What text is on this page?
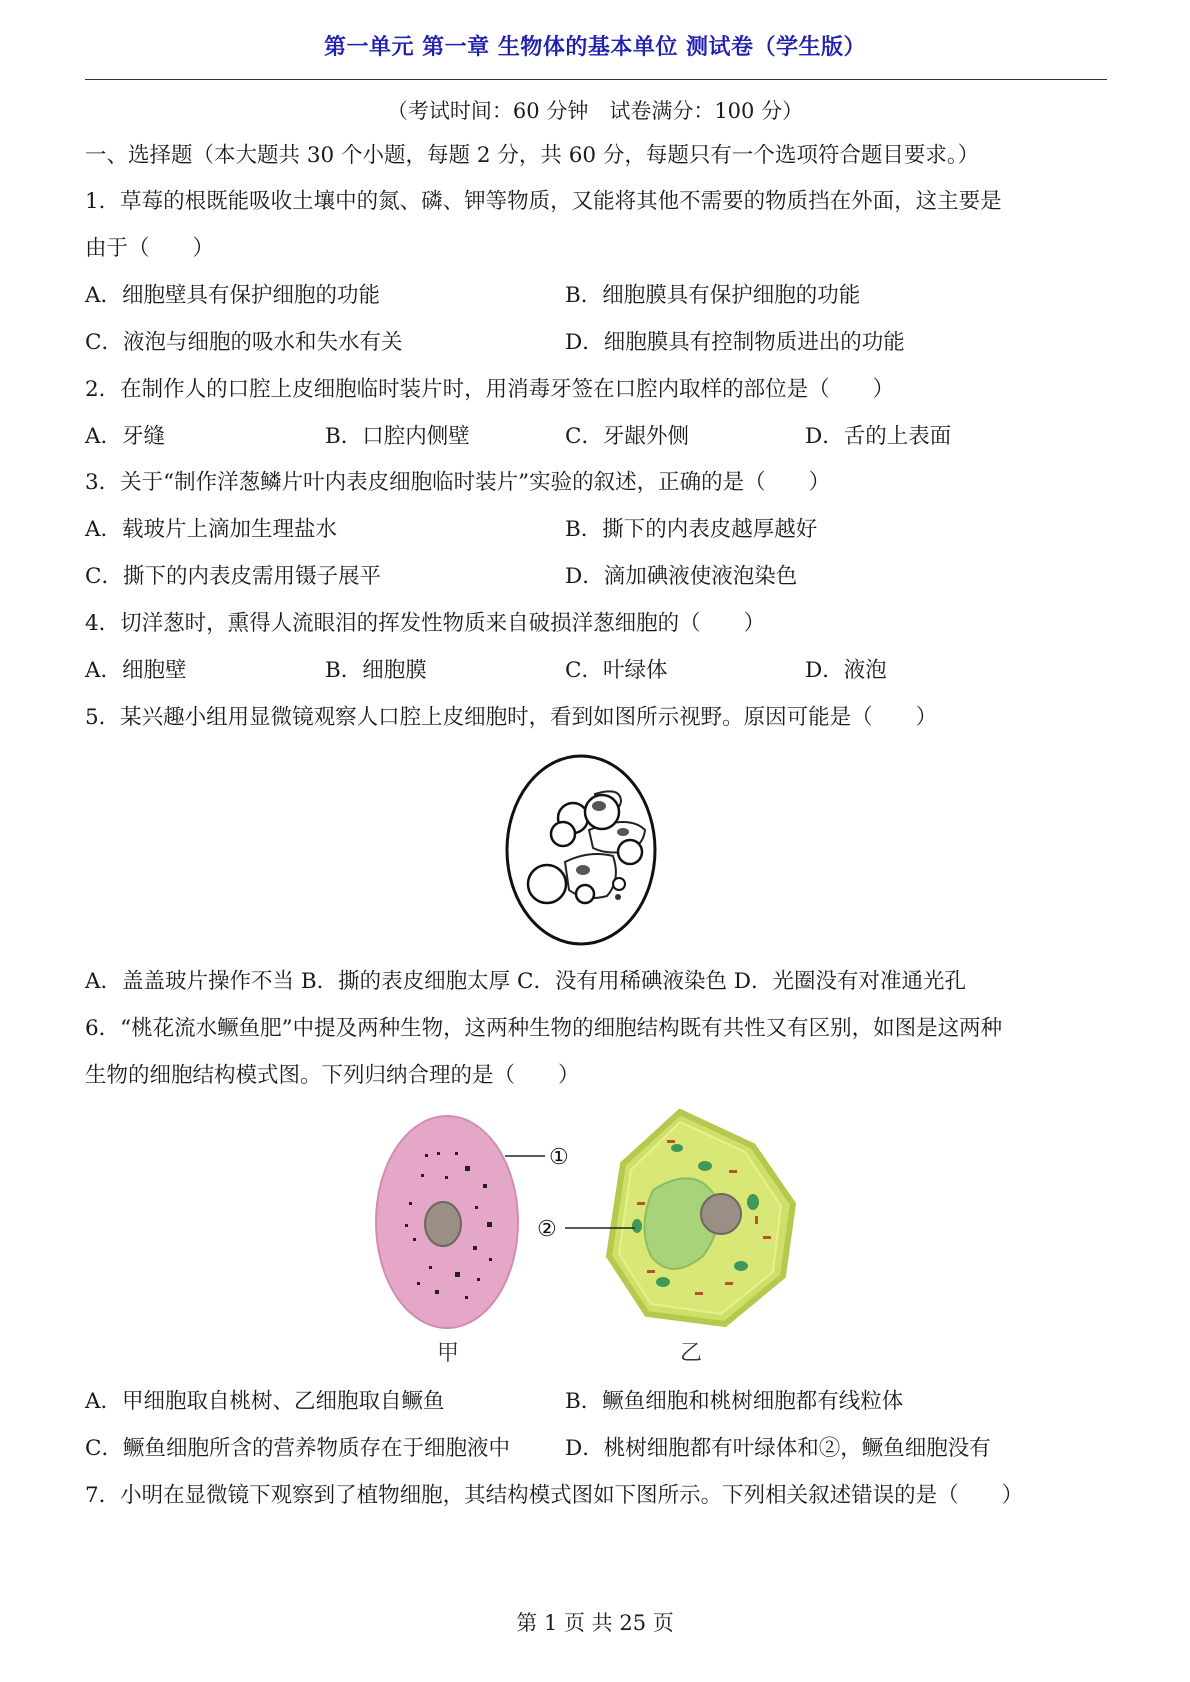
第一单元 第一章 生物体的基本单位 测试卷（学生版）
（考试时间：60 分钟　试卷满分：100 分）
一、选择题（本大题共 30 个小题，每题 2 分，共 60 分，每题只有一个选项符合题目要求。）
1．草莓的根既能吸收土壤中的氮、磷、钾等物质，又能将其他不需要的物质挡在外面，这主要是
由于（　　）
A．细胞壁具有保护细胞的功能	B．细胞膜具有保护细胞的功能
C．液泡与细胞的吸水和失水有关	D．细胞膜具有控制物质进出的功能
2．在制作人的口腔上皮细胞临时装片时，用消毒牙签在口腔内取样的部位是（　　）
A．牙缝	B．口腔内侧壁	C．牙龈外侧	D．舌的上表面
3．关于“制作洋葱鳞片叶内表皮细胞临时装片”实验的叙述，正确的是（　　）
A．载玻片上滴加生理盐水	B．撕下的内表皮越厚越好
C．撕下的内表皮需用镊子展平	D．滴加碘液使液泡染色
4．切洋葱时，熏得人流眼泪的挥发性物质来自破损洋葱细胞的（　　）
A．细胞壁	B．细胞膜	C．叶绿体	D．液泡
5．某兴趣小组用显微镜观察人口腔上皮细胞时，看到如图所示视野。原因可能是（　　）
A．盖盖玻片操作不当 B．撕的表皮细胞太厚 C．没有用稀碘液染色 D．光圈没有对准通光孔
6．“桃花流水鳜鱼肥”中提及两种生物，这两种生物的细胞结构既有共性又有区别，如图是这两种
生物的细胞结构模式图。下列归纳合理的是（　　）
①
甲
②
乙
A．甲细胞取自桃树、乙细胞取自鳜鱼	B．鳜鱼细胞和桃树细胞都有线粒体
C．鳜鱼细胞所含的营养物质存在于细胞液中	D．桃树细胞都有叶绿体和②，鳜鱼细胞没有
7．小明在显微镜下观察到了植物细胞，其结构模式图如下图所示。下列相关叙述错误的是（　　）
第 1 页 共 25 页
